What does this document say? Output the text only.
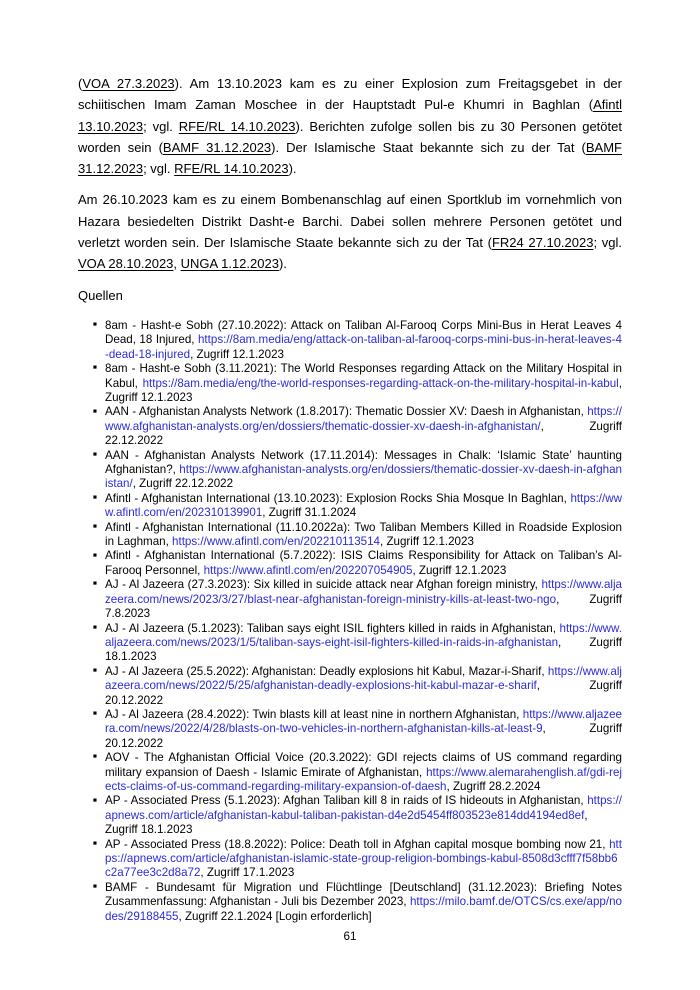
(VOA 27.3.2023). Am 13.10.2023 kam es zu einer Explosion zum Freitagsgebet in der schiitischen Imam Zaman Moschee in der Hauptstadt Pul-e Khumri in Baghlan (Afintl 13.10.2023; vgl. RFE/RL 14.10.2023). Berichten zufolge sollen bis zu 30 Personen getötet worden sein (BAMF 31.12.2023). Der Islamische Staat bekannte sich zu der Tat (BAMF 31.12.2023; vgl. RFE/RL 14.10.2023).

Am 26.10.2023 kam es zu einem Bombenanschlag auf einen Sportklub im vornehmlich von Hazara besiedelten Distrikt Dasht-e Barchi. Dabei sollen mehrere Personen getötet und verletzt worden sein. Der Islamische Staate bekannte sich zu der Tat (FR24 27.10.2023; vgl. VOA 28.10.2023, UNGA 1.12.2023).

Quellen
■ 8am - Hasht-e Sobh (27.10.2022): Attack on Taliban Al-Farooq Corps Mini-Bus in Herat Leaves 4 Dead, 18 Injured, https://8am.media/eng/attack-on-taliban-al-farooq-corps-mini-bus-in-herat-leaves-4-dead-18-injured, Zugriff 12.1.2023
■ 8am - Hasht-e Sobh (3.11.2021): The World Responses regarding Attack on the Military Hospital in Kabul, https://8am.media/eng/the-world-responses-regarding-attack-on-the-military-hospital-in-kabul, Zugriff 12.1.2023
■ AAN - Afghanistan Analysts Network (1.8.2017): Thematic Dossier XV: Daesh in Afghanistan, https://www.afghanistan-analysts.org/en/dossiers/thematic-dossier-xv-daesh-in-afghanistan/, Zugriff 22.12.2022
■ AAN - Afghanistan Analysts Network (17.11.2014): Messages in Chalk: ‘Islamic State’ haunting Afghanistan?, https://www.afghanistan-analysts.org/en/dossiers/thematic-dossier-xv-daesh-in-afghanistan/, Zugriff 22.12.2022
■ Afintl - Afghanistan International (13.10.2023): Explosion Rocks Shia Mosque In Baghlan, https://www.afintl.com/en/202310139901, Zugriff 31.1.2024
■ Afintl - Afghanistan International (11.10.2022a): Two Taliban Members Killed in Roadside Explosion in Laghman, https://www.afintl.com/en/202210113514, Zugriff 12.1.2023
■ Afintl - Afghanistan International (5.7.2022): ISIS Claims Responsibility for Attack on Taliban’s Al-Farooq Personnel, https://www.afintl.com/en/202207054905, Zugriff 12.1.2023
■ AJ - Al Jazeera (27.3.2023): Six killed in suicide attack near Afghan foreign ministry, https://www.aljazeera.com/news/2023/3/27/blast-near-afghanistan-foreign-ministry-kills-at-least-two-ngo, Zugriff 7.8.2023
■ AJ - Al Jazeera (5.1.2023): Taliban says eight ISIL fighters killed in raids in Afghanistan, https://www.aljazeera.com/news/2023/1/5/taliban-says-eight-isil-fighters-killed-in-raids-in-afghanistan, Zugriff 18.1.2023
■ AJ - Al Jazeera (25.5.2022): Afghanistan: Deadly explosions hit Kabul, Mazar-i-Sharif, https://www.aljazeera.com/news/2022/5/25/afghanistan-deadly-explosions-hit-kabul-mazar-e-sharif, Zugriff 20.12.2022
■ AJ - Al Jazeera (28.4.2022): Twin blasts kill at least nine in northern Afghanistan, https://www.aljazeera.com/news/2022/4/28/blasts-on-two-vehicles-in-northern-afghanistan-kills-at-least-9, Zugriff 20.12.2022
■ AOV - The Afghanistan Official Voice (20.3.2022): GDI rejects claims of US command regarding military expansion of Daesh - Islamic Emirate of Afghanistan, https://www.alemarahenglish.af/gdi-rejects-claims-of-us-command-regarding-military-expansion-of-daesh, Zugriff 28.2.2024
■ AP - Associated Press (5.1.2023): Afghan Taliban kill 8 in raids of IS hideouts in Afghanistan, https://apnews.com/article/afghanistan-kabul-taliban-pakistan-d4e2d5454ff803523e814dd4194ed8ef, Zugriff 18.1.2023
■ AP - Associated Press (18.8.2022): Police: Death toll in Afghan capital mosque bombing now 21, https://apnews.com/article/afghanistan-islamic-state-group-religion-bombings-kabul-8508d3cfff7f58bb6c2a77ee3c2d8a72, Zugriff 17.1.2023
■ BAMF - Bundesamt für Migration und Flüchtlinge [Deutschland] (31.12.2023): Briefing Notes Zusammenfassung: Afghanistan - Juli bis Dezember 2023, https://milo.bamf.de/OTCS/cs.exe/app/nodes/29188455, Zugriff 22.1.2024 [Login erforderlich]
61
